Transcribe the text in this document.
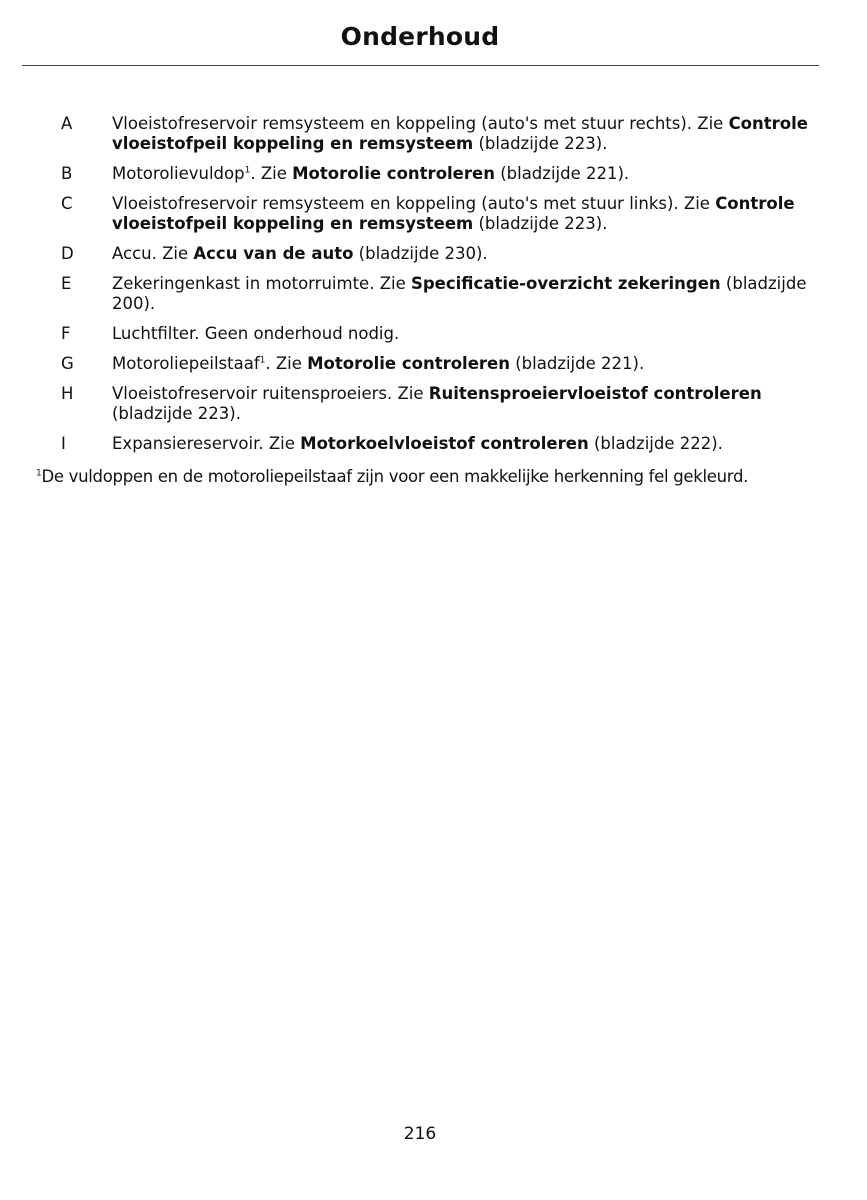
Onderhoud
A	Vloeistofreservoir remsysteem en koppeling (auto's met stuur rechts). Zie Controle vloeistofpeil koppeling en remsysteem (bladzijde 223).
B	Motorolievuldop$^1$. Zie Motorolie controleren (bladzijde 221).
C	Vloeistofreservoir remsysteem en koppeling (auto's met stuur links). Zie Controle vloeistofpeil koppeling en remsysteem (bladzijde 223).
D	Accu. Zie Accu van de auto (bladzijde 230).
E	Zekeringenkast in motorruimte. Zie Specificatie-overzicht zekeringen (bladzijde 200).
F	Luchtfilter. Geen onderhoud nodig.
G	Motoroliepeilstaaf$^1$. Zie Motorolie controleren (bladzijde 221).
H	Vloeistofreservoir ruitensproeiers. Zie Ruitensproeiervloeistof controleren (bladzijde 223).
I	Expansiereservoir. Zie Motorkoelvloeistof controleren (bladzijde 222).
$^1$De vuldoppen en de motoroliepeilstaaf zijn voor een makkelijke herkenning fel gekleurd.
216
